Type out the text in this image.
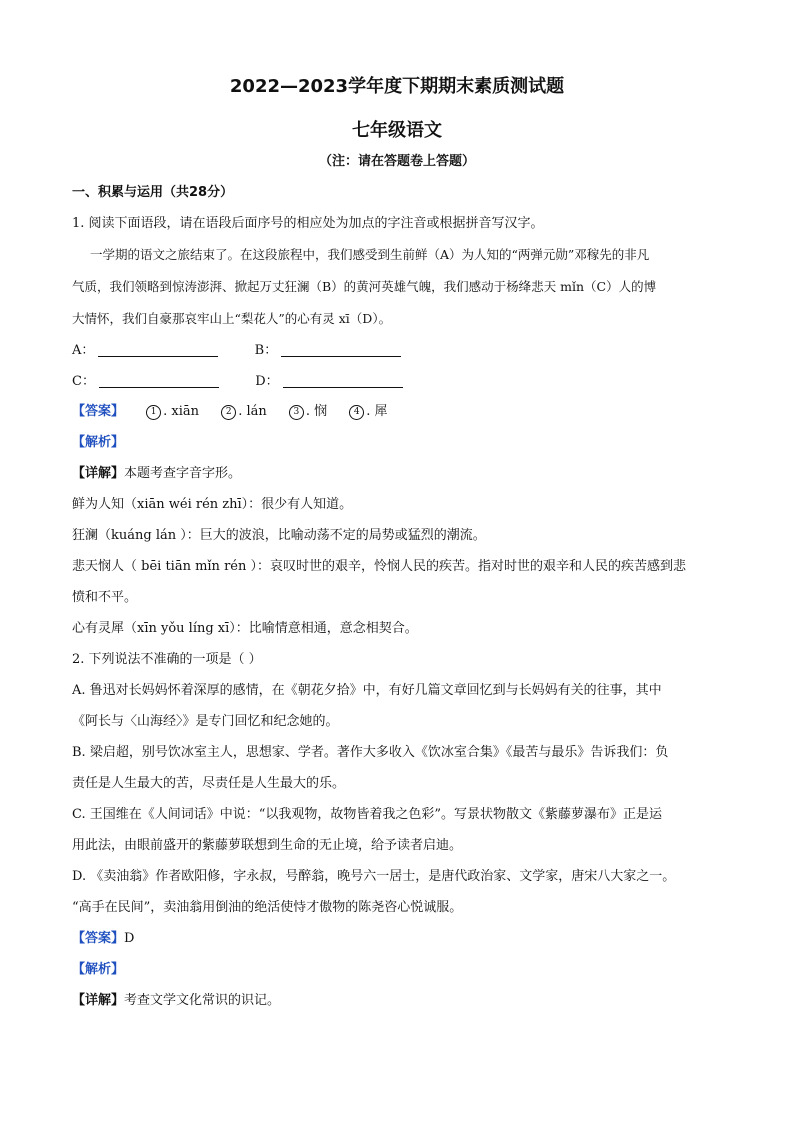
2022—2023学年度下期期末素质测试题
七年级语文
（注：请在答题卷上答题）
一、积累与运用（共28分）
1. 阅读下面语段，请在语段后面序号的相应处为加点的字注音或根据拼音写汉字。
一学期的语文之旅结束了。在这段旅程中，我们感受到生前鲜（A）为人知的“两弹元勋”邓稼先的非凡
气质，我们领略到惊涛澎湃、掀起万丈狂澜（B）的黄河英雄气魄，我们感动于杨绛悲天 mǐn（C）人的博
大情怀，我们自豪那哀牢山上“梨花人”的心有灵 xī（D）。
A：	B：
C：	D：
【答案】	1 . xiān	2 . lán	3 . 悯	4 . 犀
【解析】
【详解】本题考查字音字形。
鲜为人知（xiān wéi rén zhī）：很少有人知道。
狂澜（kuáng lán ）：巨大的波浪，比喻动荡不定的局势或猛烈的潮流。
悲天悯人（ bēi tiān mǐn rén ）：哀叹时世的艰辛，怜悯人民的疾苦。指对时世的艰辛和人民的疾苦感到悲
愤和不平。
心有灵犀（xīn yǒu líng xī）：比喻情意相通，意念相契合。
2. 下列说法不准确的一项是（ ）
A. 鲁迅对长妈妈怀着深厚的感情，在《朝花夕拾》中，有好几篇文章回忆到与长妈妈有关的往事，其中
《阿长与〈山海经〉》是专门回忆和纪念她的。
B. 梁启超，别号饮冰室主人，思想家、学者。著作大多收入《饮冰室合集》《最苦与最乐》告诉我们：负
责任是人生最大的苦，尽责任是人生最大的乐。
C. 王国维在《人间词话》中说：“以我观物，故物皆着我之色彩”。写景状物散文《紫藤萝瀑布》正是运
用此法，由眼前盛开的紫藤萝联想到生命的无止境，给予读者启迪。
D. 《卖油翁》作者欧阳修，字永叔，号醉翁，晚号六一居士，是唐代政治家、文学家，唐宋八大家之一。
“高手在民间”，卖油翁用倒油的绝活使恃才傲物的陈尧咨心悦诚服。
【答案】D
【解析】
【详解】考查文学文化常识的识记。
